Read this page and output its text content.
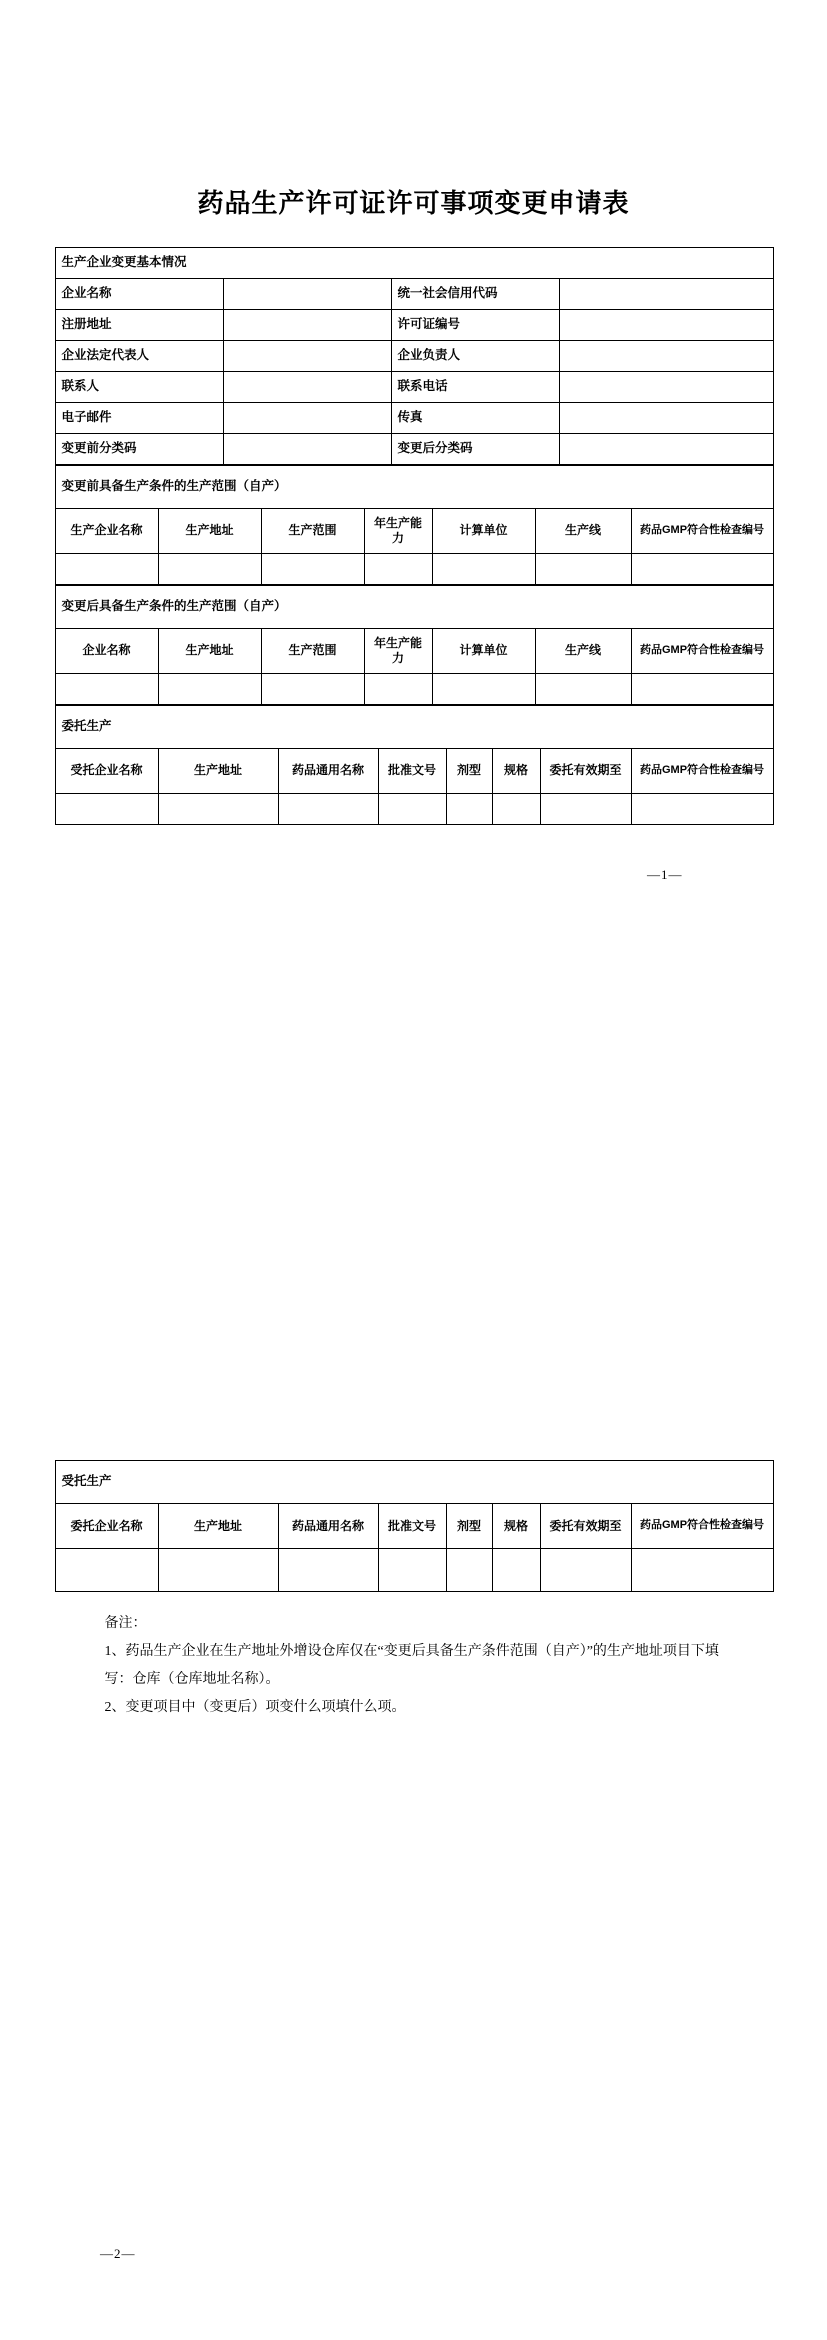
药品生产许可证许可事项变更申请表
生产企业变更基本情况			
企业名称		统一社会信用代码	
注册地址		许可证编号	
企业法定代表人		企业负责人	
联系人		联系电话	
电子邮件		传真	
变更前分类码		变更后分类码	
变更前具备生产条件的生产范围（自产）						
生产企业名称	生产地址	生产范围	年生产能力	计算单位	生产线	药品GMP符合性检查编号

变更后具备生产条件的生产范围（自产）						
企业名称	生产地址	生产范围	年生产能力	计算单位	生产线	药品GMP符合性检查编号

委托生产							
受托企业名称	生产地址	药品通用名称	批准文号	剂型	规格	委托有效期至	药品GMP符合性检查编号

—1—
受托生产							
委托企业名称	生产地址	药品通用名称	批准文号	剂型	规格	委托有效期至	药品GMP符合性检查编号

备注：

1、药品生产企业在生产地址外增设仓库仅在“变更后具备生产条件范围（自产）”的生产地址项目下填写：仓库（仓库地址名称）。

2、变更项目中（变更后）项变什么项填什么项。

—2—
